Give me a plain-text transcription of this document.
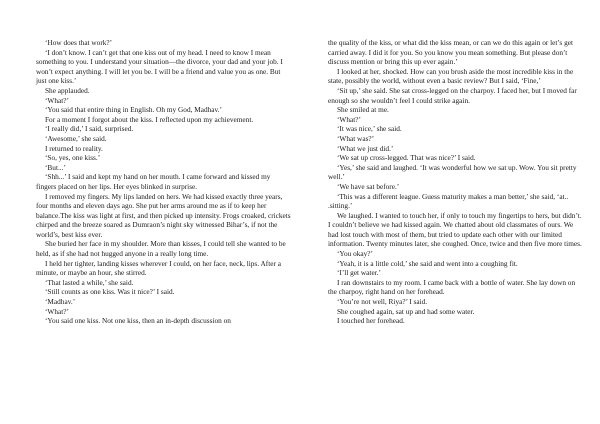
‘How does that work?’

‘I don’t know. I can’t get that one kiss out of my head. I need to know I mean something to you. I understand your situation—the divorce, your dad and your job. I won’t expect anything. I will let you be. I will be a friend and value you as one. But just one kiss.’

She applauded.

‘What?’

‘You said that entire thing in English. Oh my God, Madhav.’

For a moment I forgot about the kiss. I reflected upon my achievement.

‘I really did,’ I said, surprised.

‘Awesome,’ she said.

I returned to reality.

‘So, yes, one kiss.’

‘But...’

‘Shh...’ I said and kept my hand on her mouth. I came forward and kissed my fingers placed on her lips. Her eyes blinked in surprise.

I removed my fingers. My lips landed on hers. We had kissed exactly three years, four months and eleven days ago. She put her arms around me as if to keep her balance.The kiss was light at first, and then picked up intensity. Frogs croaked, crickets chirped and the breeze soared as Dumraon’s night sky witnessed Bihar’s, if not the world’s, best kiss ever.

She buried her face in my shoulder. More than kisses, I could tell she wanted to be held, as if she had not hugged anyone in a really long time.

I held her tighter, landing kisses wherever I could, on her face, neck, lips. After a minute, or maybe an hour, she stirred.

‘That lasted a while,’ she said.

‘Still counts as one kiss. Was it nice?’ I said.

‘Madhav.’

‘What?’

‘You said one kiss. Not one kiss, then an in-depth discussion on

the quality of the kiss, or what did the kiss mean, or can we do this again or let’s get carried away. I did it for you. So you know you mean something. But please don’t discuss mention or bring this up ever again.’

I looked at her, shocked. How can you brush aside the most incredible kiss in the state, possibly the world, without even a basic review? But I said, ‘Fine,’

‘Sit up,’ she said. She sat cross-legged on the charpoy. I faced her, but I moved far enough so she wouldn’t feel I could strike again.

She smiled at me.

‘What?’

‘It was nice,’ she said.

‘What was?’

‘What we just did.’

‘We sat up cross-legged. That was nice?’ I said.

‘Yes,’ she said and laughed. ‘It was wonderful how we sat up. Wow. You sit pretty well.’

‘We have sat before.’

‘This was a different league. Guess maturity makes a man better,’ she said, ‘at.. .sitting.’

We laughed. I wanted to touch her, if only to touch my fingertips to hers, but didn’t. I couldn’t believe we had kissed again. We chatted about old classmates of ours. We had lost touch with most of them, but tried to update each other with our limited information. Twenty minutes later, she coughed. Once, twice and then five more times.

‘You okay?’

‘Yeah, it is a little cold,’ she said and went into a coughing fit.

‘I’ll get water.’

I ran downstairs to my room. I came back with a bottle of water. She lay down on the charpoy, right hand on her forehead.

‘You’re not well, Riya?’ I said.

She coughed again, sat up and had some water.

I touched her forehead.
